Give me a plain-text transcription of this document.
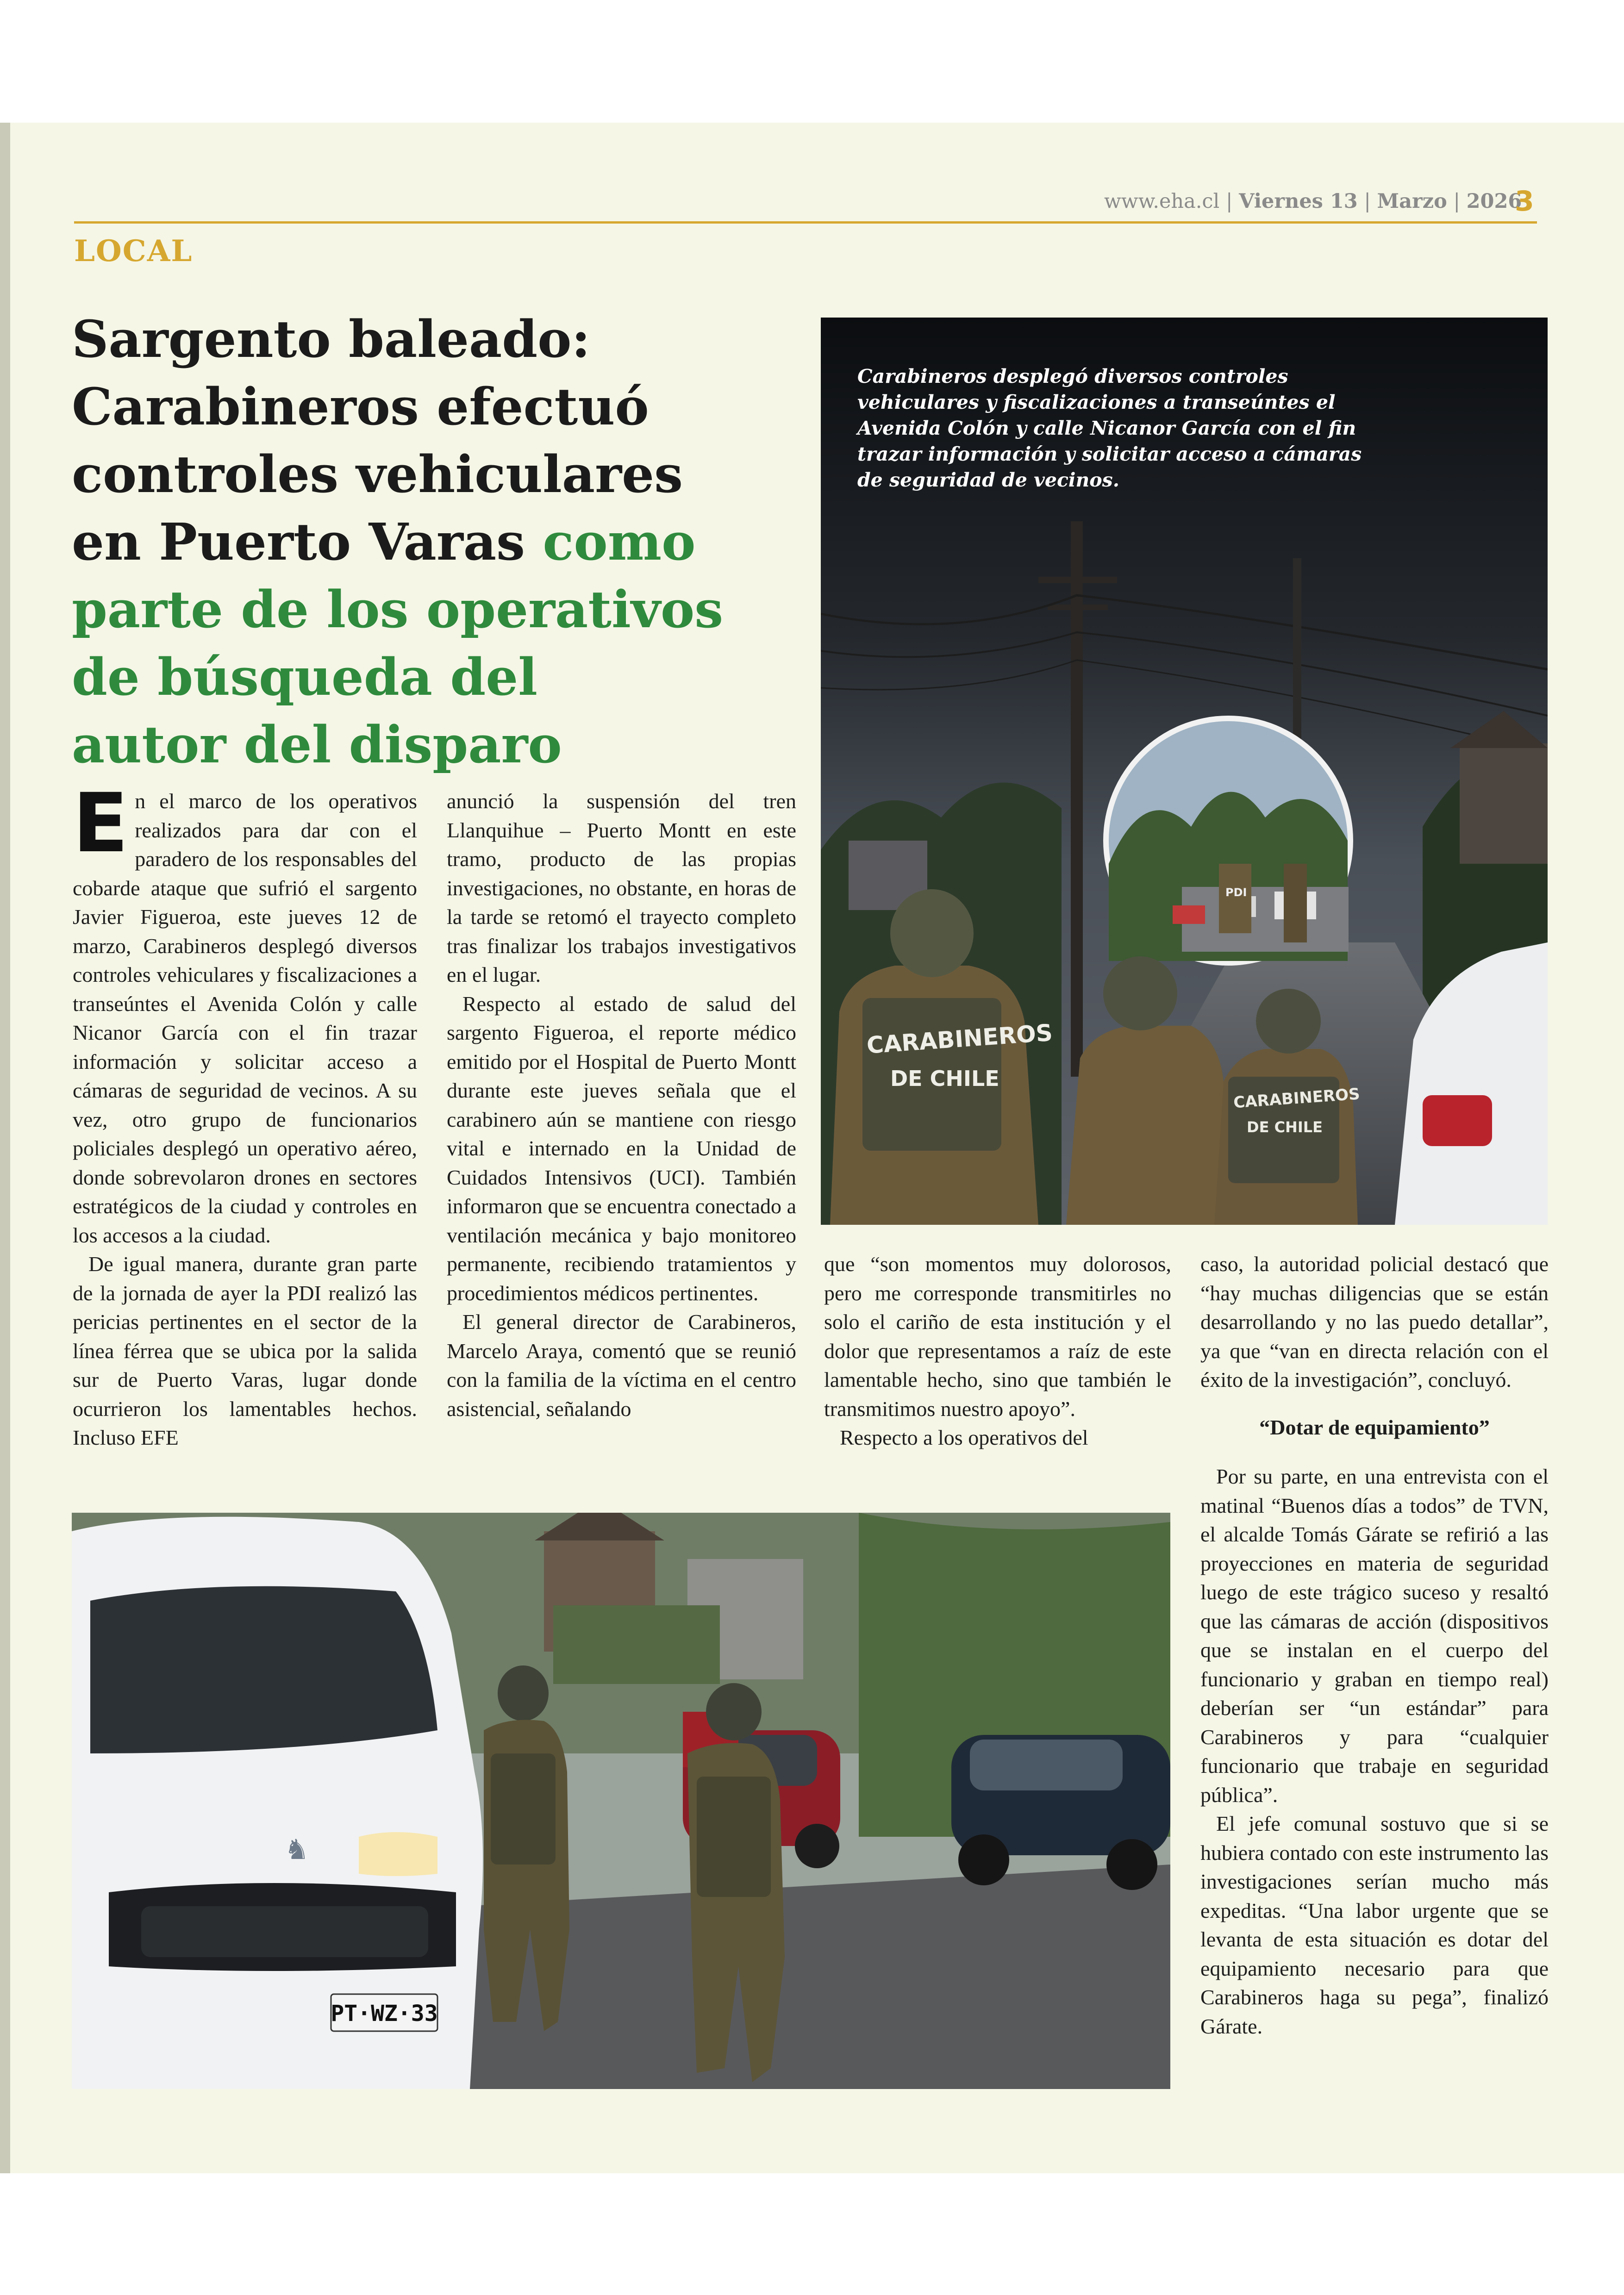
www.eha.cl | Viernes 13 | Marzo | 2026
3
LOCAL
Sargento baleado:
Carabineros efectuó
controles vehiculares
en Puerto Varas como
parte de los operativos
de búsqueda del
autor del disparo
PDI
CARABINEROS
DE CHILE
CARABINEROS
DE CHILE
Carabineros desplegó diversos controles vehiculares y fiscalizaciones a transeúntes el Avenida Colón y calle Nicanor García con el fin trazar información y solicitar acceso a cámaras de seguridad de vecinos.

En el marco de los operativos realizados para dar con el paradero de los responsables del cobarde ataque que sufrió el sargento Javier Figueroa, este jueves 12 de marzo, Carabineros desplegó diversos controles vehiculares y fiscalizaciones a transeúntes el Avenida Colón y calle Nicanor García con el fin trazar información y solicitar acceso a cámaras de seguridad de vecinos. A su vez, otro grupo de funcionarios policiales desplegó un operativo aéreo, donde sobrevolaron drones en sectores estratégicos de la ciudad y controles en los accesos a la ciudad.

De igual manera, durante gran parte de la jornada de ayer la PDI realizó las pericias pertinentes en el sector de la línea férrea que se ubica por la salida sur de Puerto Varas, lugar donde ocurrieron los lamentables hechos. Incluso EFE

anunció la suspensión del tren Llanquihue – Puerto Montt en este tramo, producto de las propias investigaciones, no obstante, en horas de la tarde se retomó el trayecto completo tras finalizar los trabajos investigativos en el lugar.

Respecto al estado de salud del sargento Figueroa, el reporte médico emitido por el Hospital de Puerto Montt durante este jueves señala que el carabinero aún se mantiene con riesgo vital e internado en la Unidad de Cuidados Intensivos (UCI). También informaron que se encuentra conectado a ventilación mecánica y bajo monitoreo permanente, recibiendo tratamientos y procedimientos médicos pertinentes.

El general director de Carabineros, Marcelo Araya, comentó que se reunió con la familia de la víctima en el centro asistencial, señalando

que “son momentos muy dolorosos, pero me corresponde transmitirles no solo el cariño de esta institución y el dolor que representamos a raíz de este lamentable hecho, sino que también le transmitimos nuestro apoyo”.

Respecto a los operativos del

caso, la autoridad policial destacó que “hay muchas diligencias que se están desarrollando y no las puedo detallar”, ya que “van en directa relación con el éxito de la investigación”, concluyó.

“Dotar de equipamiento”

Por su parte, en una entrevista con el matinal “Buenos días a todos” de TVN, el alcalde Tomás Gárate se refirió a las proyecciones en materia de seguridad luego de este trágico suceso y resaltó que las cámaras de acción (dispositivos que se instalan en el cuerpo del funcionario y graban en tiempo real) deberían ser “un estándar” para Carabineros y para “cualquier funcionario que trabaje en seguridad pública”.

El jefe comunal sostuvo que si se hubiera contado con este instrumento las investigaciones serían mucho más expeditas. “Una labor urgente que se levanta de esta situación es dotar del equipamiento necesario para que Carabineros haga su pega”, finalizó Gárate.

♞
PT·WZ·33
